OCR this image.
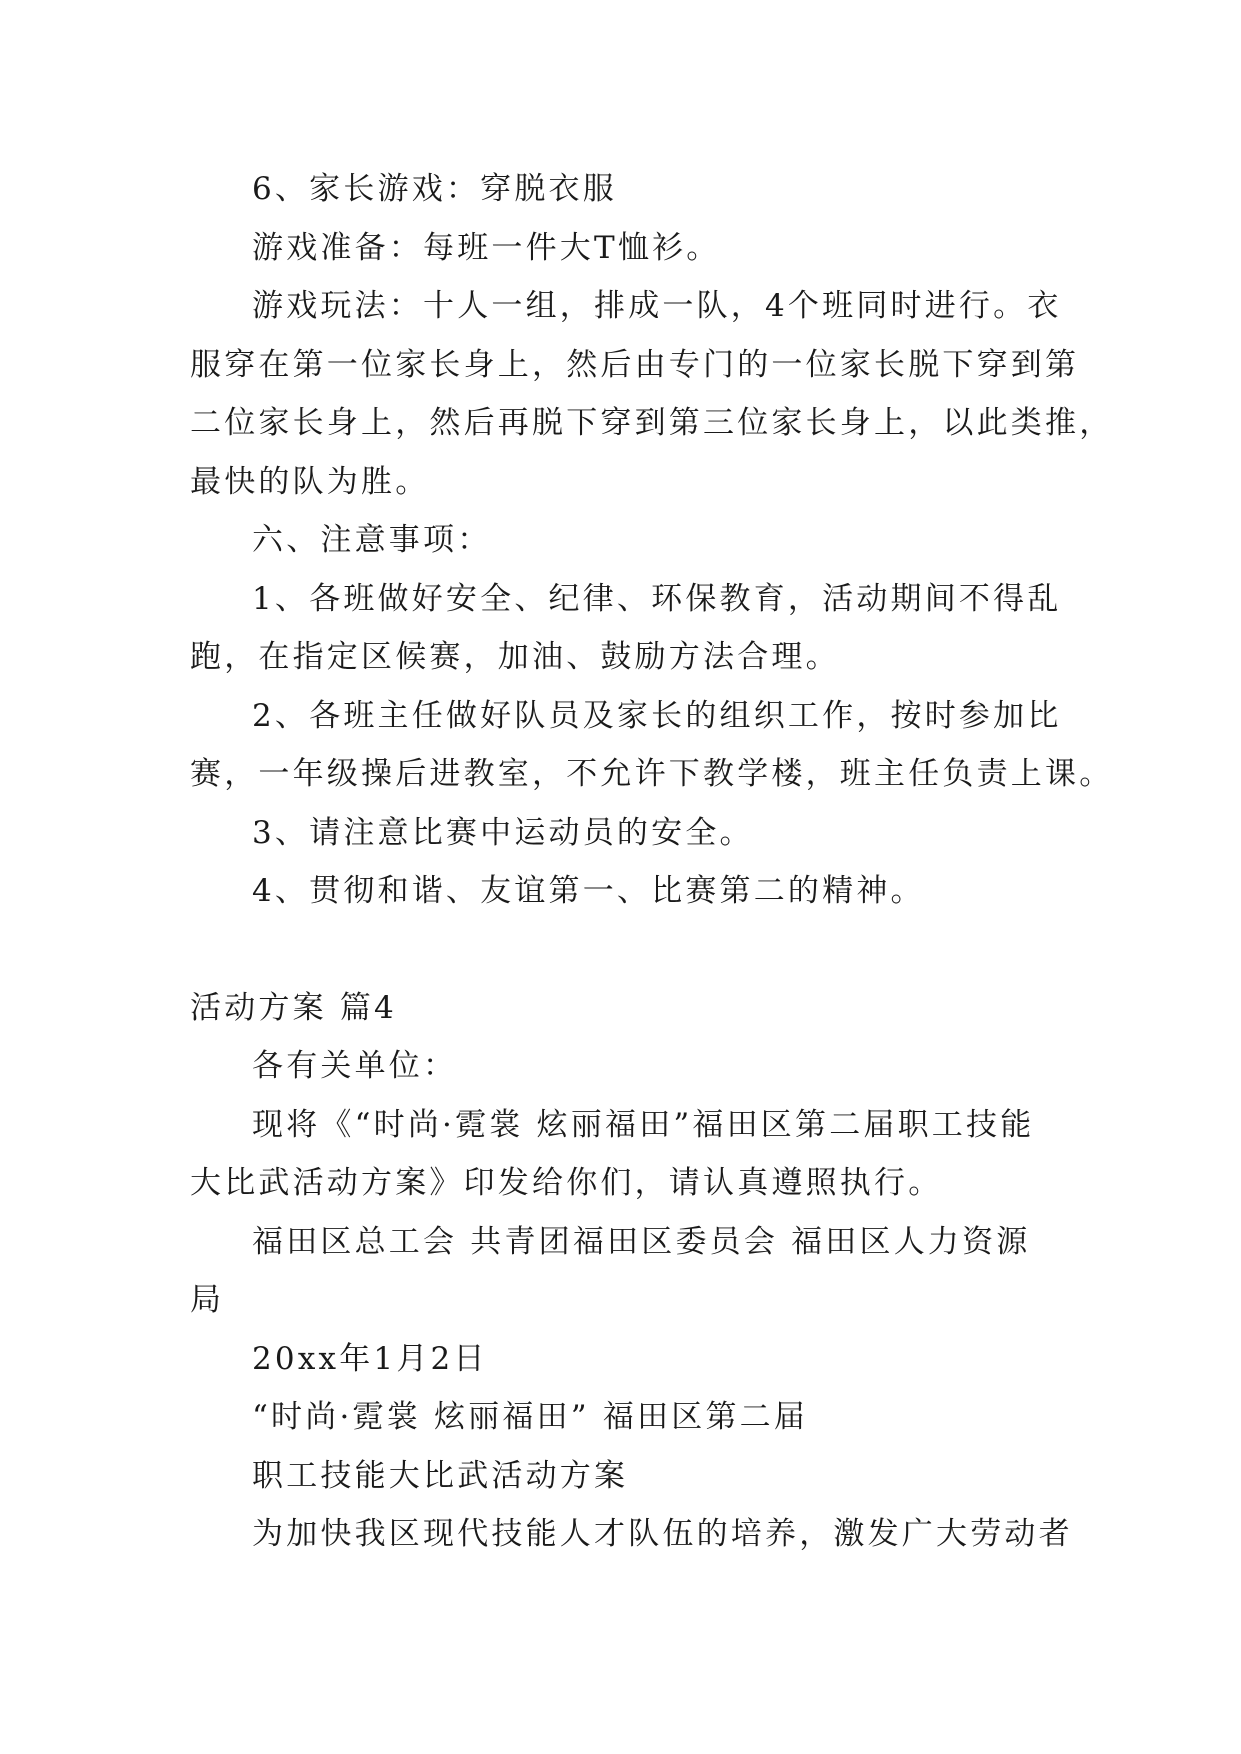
6、家长游戏：穿脱衣服

游戏准备：每班一件大T恤衫。

游戏玩法：十人一组，排成一队，4个班同时进行。衣

服穿在第一位家长身上，然后由专门的一位家长脱下穿到第

二位家长身上，然后再脱下穿到第三位家长身上，以此类推，

最快的队为胜。

六、注意事项：

1、各班做好安全、纪律、环保教育，活动期间不得乱

跑，在指定区候赛，加油、鼓励方法合理。

2、各班主任做好队员及家长的组织工作，按时参加比

赛，一年级操后进教室，不允许下教学楼，班主任负责上课。

3、请注意比赛中运动员的安全。

4、贯彻和谐、友谊第一、比赛第二的精神。

活动方案 篇4

各有关单位：

现将《“时尚·霓裳 炫丽福田”福田区第二届职工技能

大比武活动方案》印发给你们，请认真遵照执行。

福田区总工会 共青团福田区委员会 福田区人力资源

局

20xx年1月2日

“时尚·霓裳 炫丽福田” 福田区第二届

职工技能大比武活动方案

为加快我区现代技能人才队伍的培养，激发广大劳动者
